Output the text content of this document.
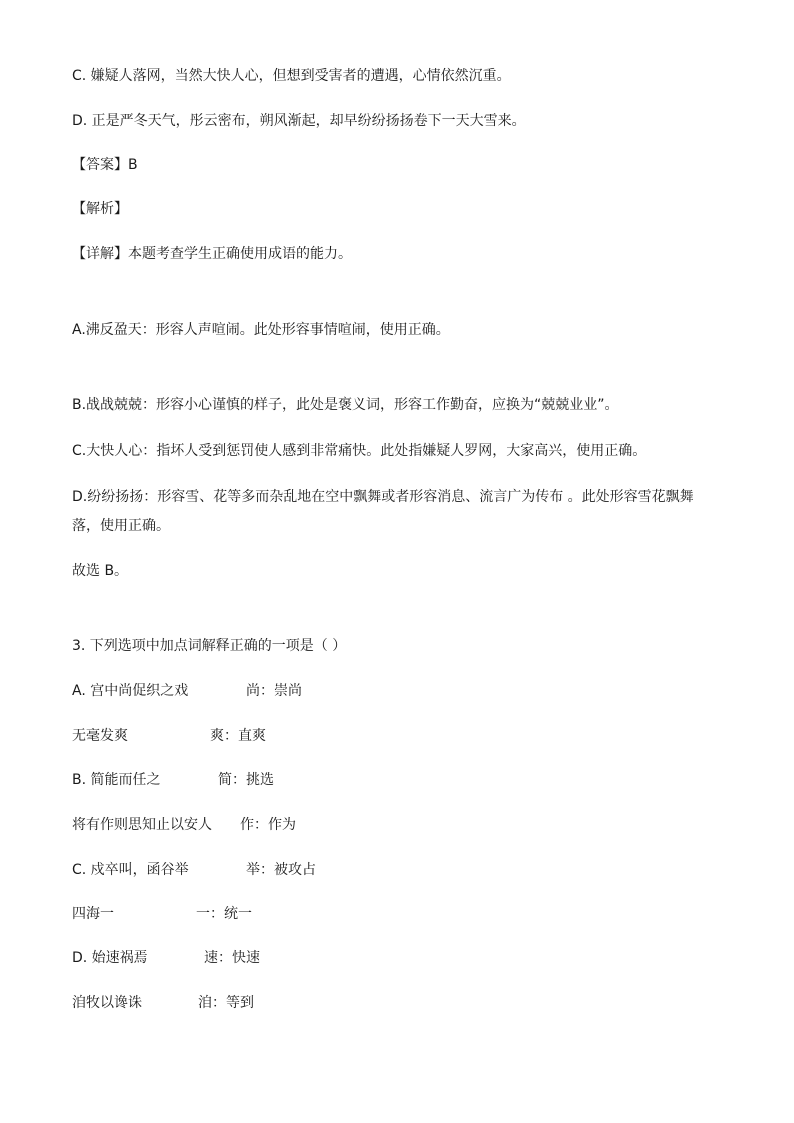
C. 嫌疑人落网，当然大快人心，但想到受害者的遭遇，心情依然沉重。
D. 正是严冬天气，彤云密布，朔风渐起，却早纷纷扬扬卷下一天大雪来。
【答案】B
【解析】
【详解】本题考查学生正确使用成语的能力。
A.沸反盈天：形容人声喧闹。此处形容事情喧闹，使用正确。
B.战战兢兢：形容小心谨慎的样子，此处是褒义词，形容工作勤奋，应换为“兢兢业业”。
C.大快人心：指坏人受到惩罚使人感到非常痛快。此处指嫌疑人罗网，大家高兴，使用正确。
D.纷纷扬扬：形容雪、花等多而杂乱地在空中飘舞或者形容消息、流言广为传布 。此处形容雪花飘舞
落，使用正确。
故选 B。
3. 下列选项中加点词解释正确的一项是（ ）
A. 宫中尚促织之戏	尚：崇尚
无毫发爽	爽：直爽
B. 简能而任之	简：挑选
将有作则思知止以安人 作：作为
C. 戍卒叫，函谷举	举：被攻占
四海一	一：统一
D. 始速祸焉	速：快速
洎牧以谗诛	洎：等到
